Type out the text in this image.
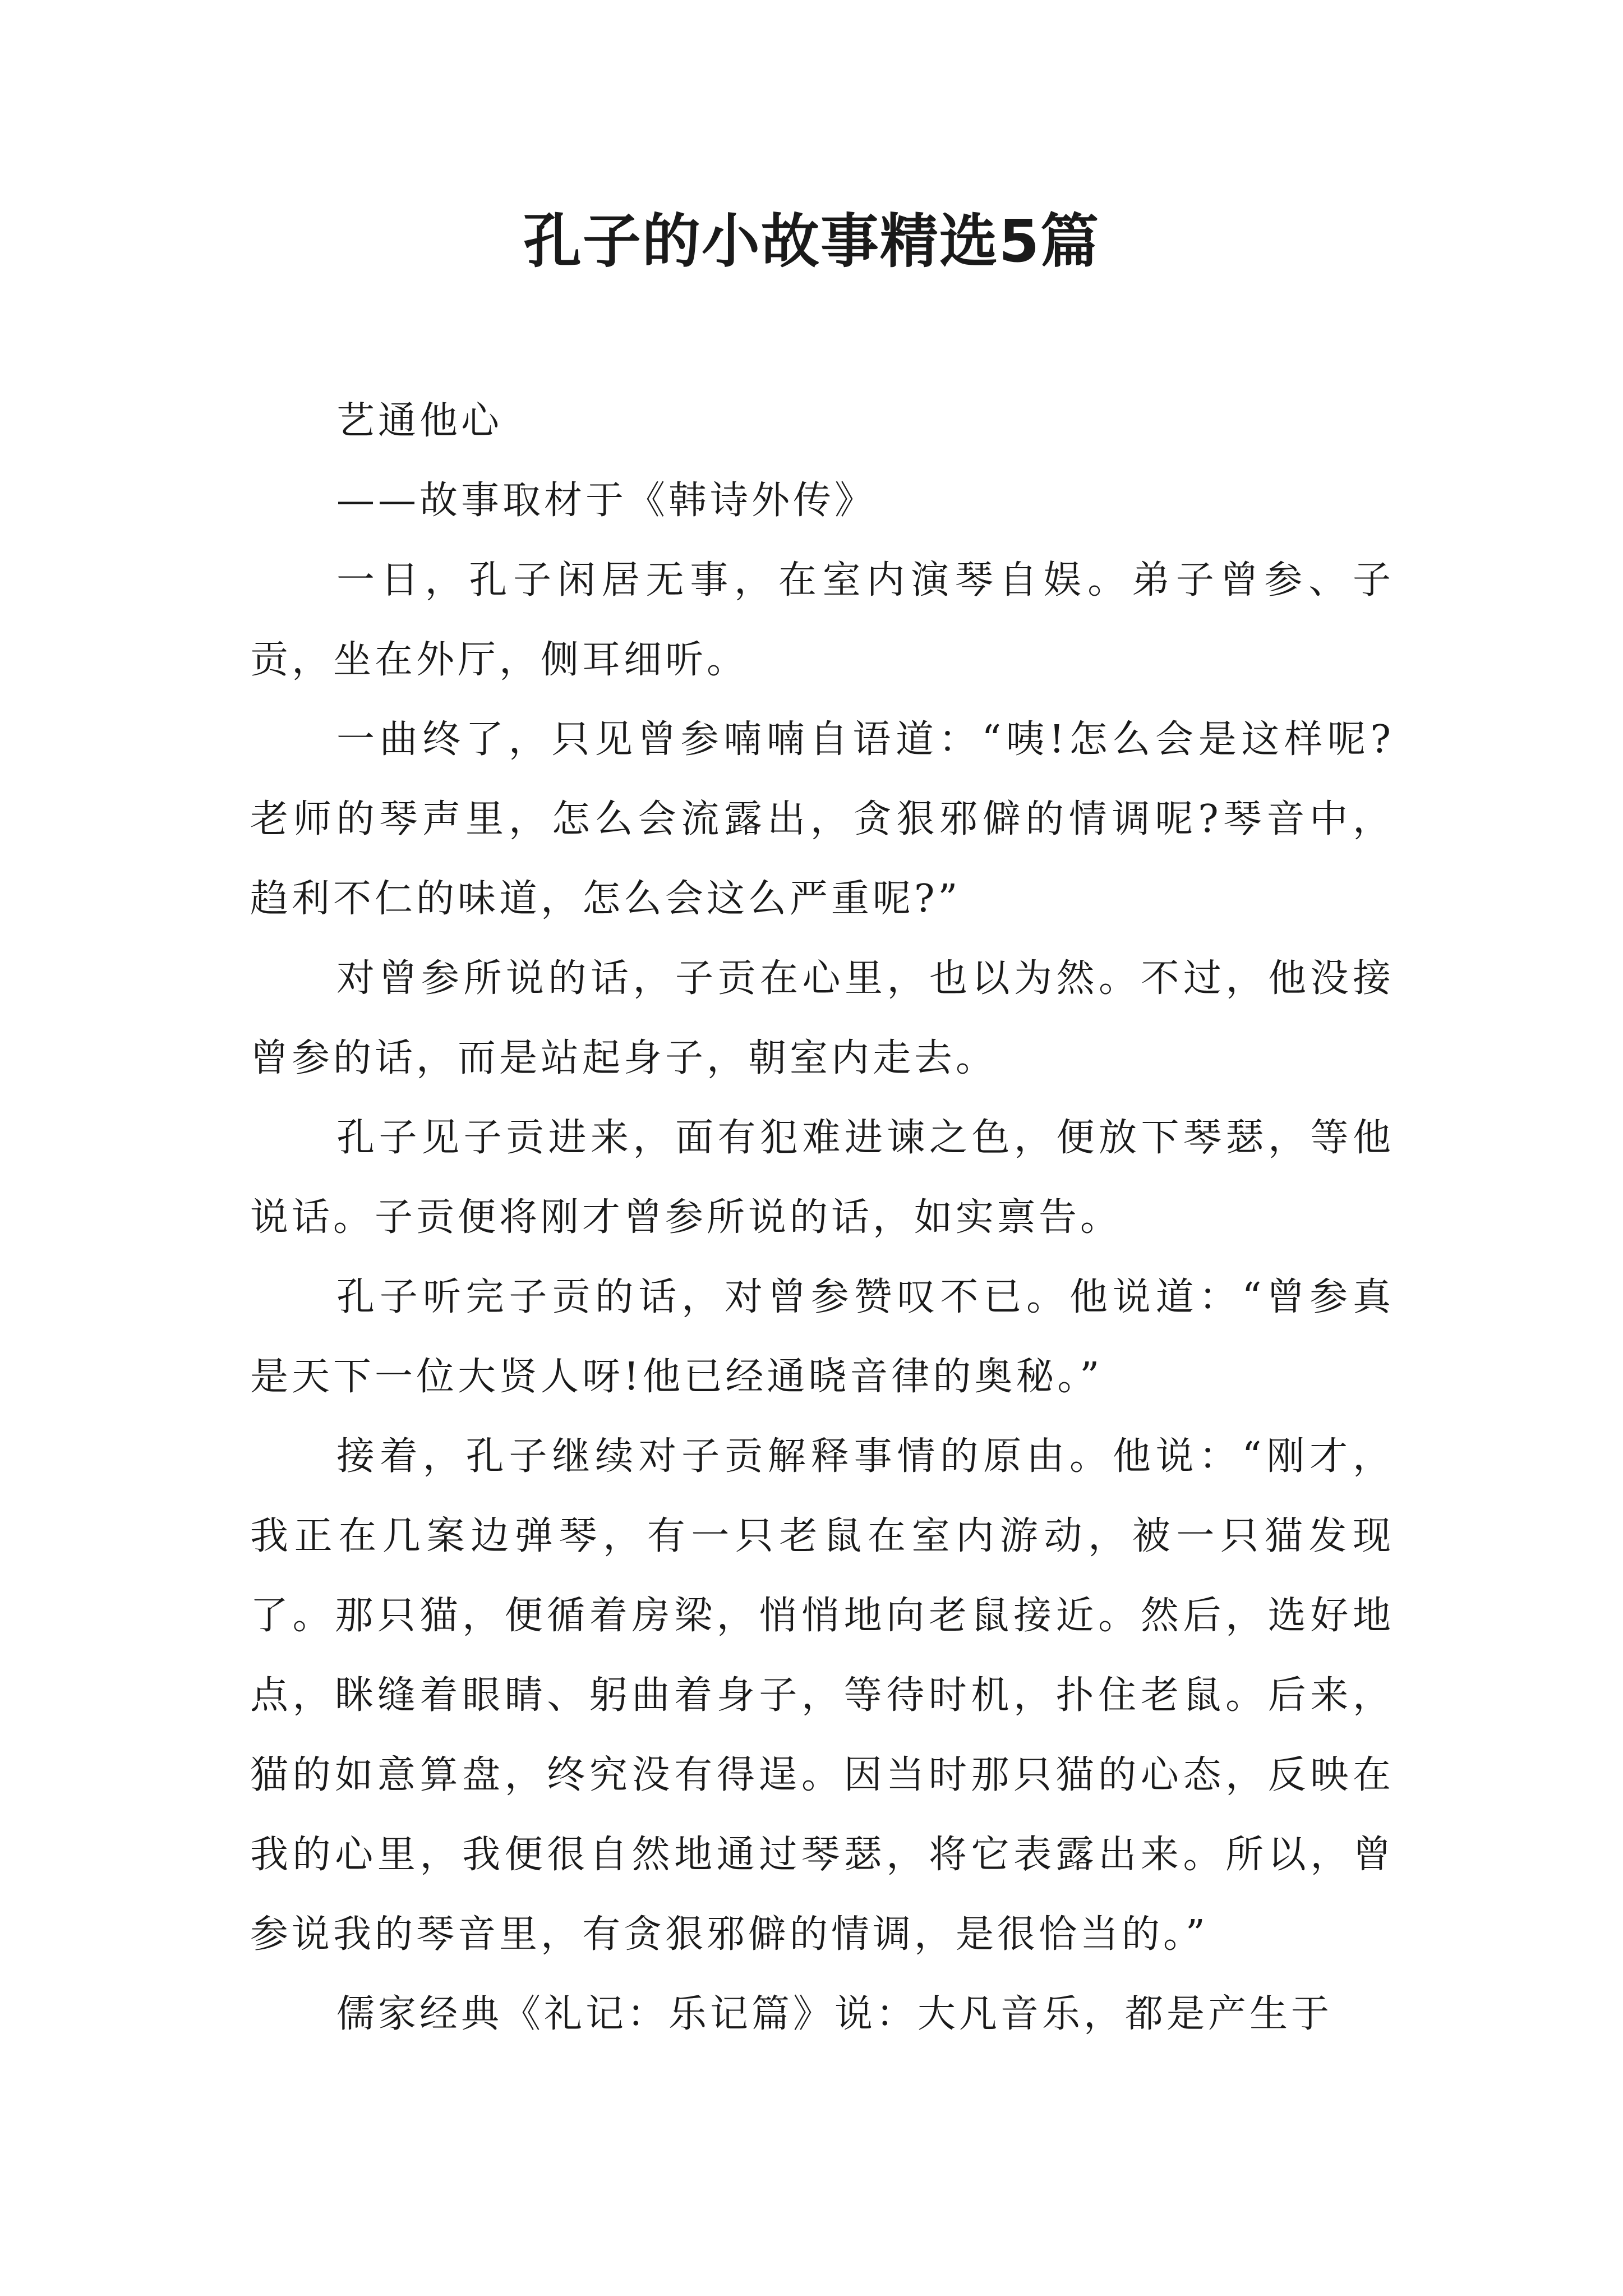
孔子的小故事精选5篇

艺通他心

——故事取材于《韩诗外传》

一日，孔子闲居无事，在室内演琴自娱。弟子曾参、子贡，坐在外厅，侧耳细听。

一曲终了，只见曾参喃喃自语道：“咦!怎么会是这样呢?老师的琴声里，怎么会流露出，贪狠邪僻的情调呢?琴音中，趋利不仁的味道，怎么会这么严重呢?”

对曾参所说的话，子贡在心里，也以为然。不过，他没接曾参的话，而是站起身子，朝室内走去。

孔子见子贡进来，面有犯难进谏之色，便放下琴瑟，等他说话。子贡便将刚才曾参所说的话，如实禀告。

孔子听完子贡的话，对曾参赞叹不已。他说道：“曾参真是天下一位大贤人呀!他已经通晓音律的奥秘。”

接着，孔子继续对子贡解释事情的原由。他说：“刚才，我正在几案边弹琴，有一只老鼠在室内游动，被一只猫发现了。那只猫，便循着房梁，悄悄地向老鼠接近。然后，选好地点，眯缝着眼睛、躬曲着身子，等待时机，扑住老鼠。后来，猫的如意算盘，终究没有得逞。因当时那只猫的心态，反映在我的心里，我便很自然地通过琴瑟，将它表露出来。所以，曾参说我的琴音里，有贪狠邪僻的情调，是很恰当的。”

儒家经典《礼记：乐记篇》说：大凡音乐，都是产生于
